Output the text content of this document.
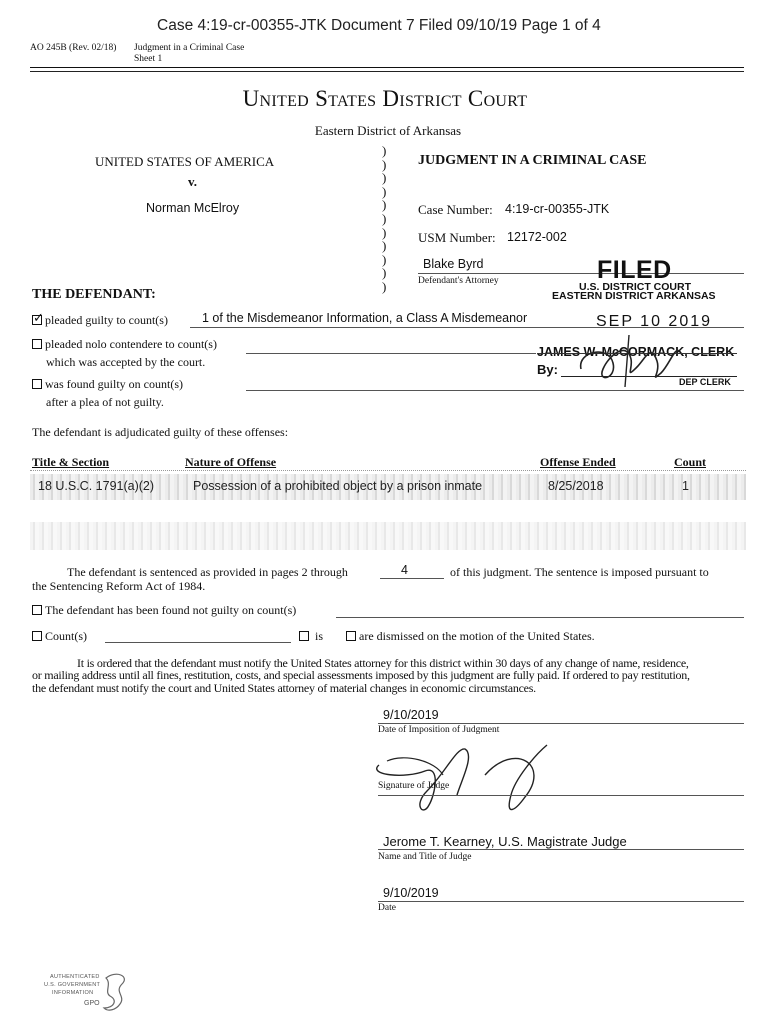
Case 4:19-cr-00355-JTK Document 7 Filed 09/10/19 Page 1 of 4
AO 245B (Rev. 02/18) Judgment in a Criminal Case
Sheet 1
United States District Court
Eastern District of Arkansas
UNITED STATES OF AMERICA
v.
Norman McElroy
)
)
)
)
)
)
)
)
)
)
)
JUDGMENT IN A CRIMINAL CASE
Case Number: 4:19-cr-00355-JTK
USM Number: 12172-002
Blake Byrd
Defendant's Attorney	FILED
U.S. DISTRICT COURT
EASTERN DISTRICT ARKANSAS
SEP 10 2019
JAMES W. McCORMACK, CLERK
By:
DEP CLERK
THE DEFENDANT:
✓pleaded guilty to count(s)	1 of the Misdemeanor Information, a Class A Misdemeanor
pleaded nolo contendere to count(s)
which was accepted by the court.
was found guilty on count(s)
after a plea of not guilty.
The defendant is adjudicated guilty of these offenses:
Title & Section	Nature of Offense	Offense Ended	Count
18 U.S.C. 1791(a)(2)	Possession of a prohibited object by a prison inmate	8/25/2018	1
The defendant is sentenced as provided in pages 2 through	4	of this judgment. The sentence is imposed pursuant to
the Sentencing Reform Act of 1984.
The defendant has been found not guilty on count(s)
Count(s)	is	are dismissed on the motion of the United States.
It is ordered that the defendant must notify the United States attorney for this district within 30 days of any change of name, residence,
or mailing address until all fines, restitution, costs, and special assessments imposed by this judgment are fully paid. If ordered to pay restitution,
the defendant must notify the court and United States attorney of material changes in economic circumstances.
9/10/2019
Date of Imposition of Judgment
Signature of Judge
Jerome T. Kearney, U.S. Magistrate Judge
Name and Title of Judge
9/10/2019
Date
AUTHENTICATED
U.S. GOVERNMENT
INFORMATION
GPO
